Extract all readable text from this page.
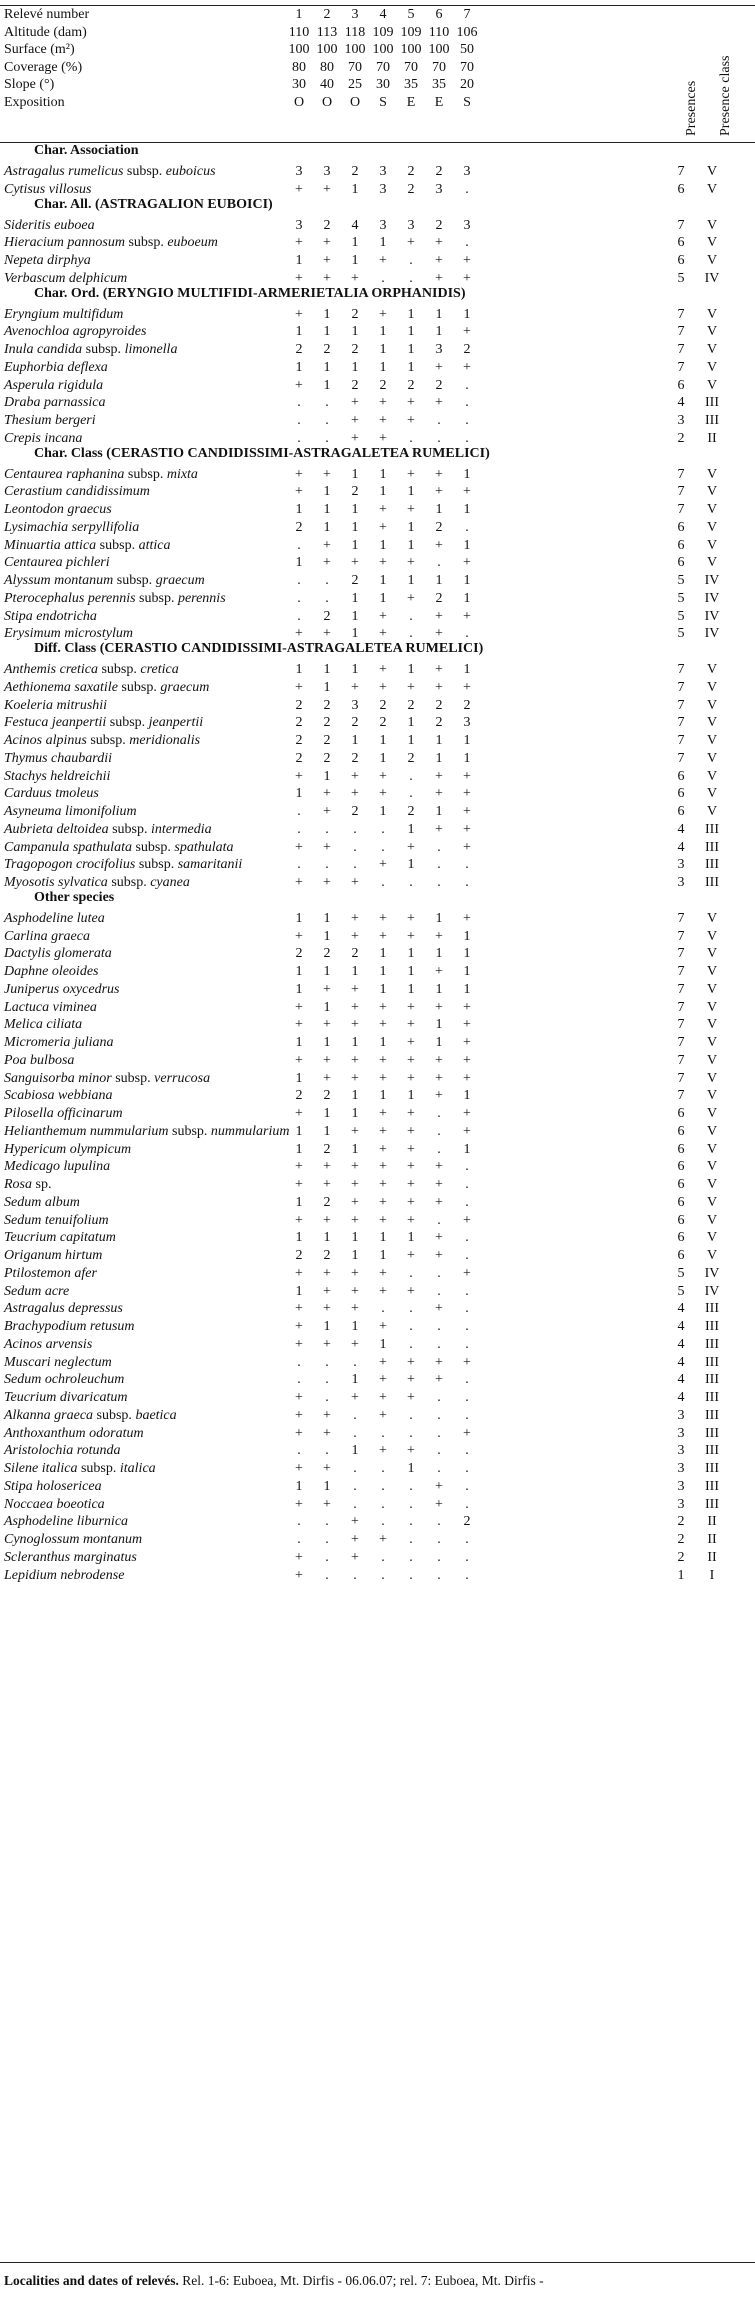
Presences Presence class
Relevé number	1	2	3	4	5	6	7
Altitude (dam)	110 113 118 109 109 110 106
Surface (m²)	100 100 100 100 100 100 50
Coverage (%)	80	80	70	70	70	70	70
Slope (°)	30	40	25	30	35	35	20
Exposition	O	O	O	S	E	E	S
Char. Association
Astragalus rumelicus subsp. euboicus	3	3	2	3	2	2	3	7	V
Cytisus villosus	+	+	1	3	2	3	.	6	V
Char. All. (ASTRAGALION EUBOICI)
Sideritis euboea	3	2	4	3	3	2	3	7	V
Hieracium pannosum subsp. euboeum	+	+	1	1	+	+	.	6	V
Nepeta dirphya	1	+	1	+	.	+	+	6	V
Verbascum delphicum	+	+	+	.	.	+	+	5	IV
Char. Ord. (ERYNGIO MULTIFIDI-ARMERIETALIA ORPHANIDIS)
Eryngium multifidum	+	1	2	+	1	1	1	7	V
Avenochloa agropyroides	1	1	1	1	1	1	+	7	V
Inula candida subsp. limonella	2	2	2	1	1	3	2	7	V
Euphorbia deflexa	1	1	1	1	1	+	+	7	V
Asperula rigidula	+	1	2	2	2	2	.	6	V
Draba parnassica	.	.	+	+	+	+	.	4	III
Thesium bergeri	.	.	+	+	+	.	.	3	III
Crepis incana	.	.	+	+	.	.	.	2	II
Char. Class (CERASTIO CANDIDISSIMI-ASTRAGALETEA RUMELICI)
Centaurea raphanina subsp. mixta	+	+	1	1	+	+	1	7	V
Cerastium candidissimum	+	1	2	1	1	+	+	7	V
Leontodon graecus	1	1	1	+	+	1	1	7	V
Lysimachia serpyllifolia	2	1	1	+	1	2	.	6	V
Minuartia attica subsp. attica	.	+	1	1	1	+	1	6	V
Centaurea pichleri	1	+	+	+	+	.	+	6	V
Alyssum montanum subsp. graecum	.	.	2	1	1	1	1	5	IV
Pterocephalus perennis subsp. perennis	.	.	1	1	+	2	1	5	IV
Stipa endotricha	.	2	1	+	.	+	+	5	IV
Erysimum microstylum	+	+	1	+	.	+	.	5	IV
Diff. Class (CERASTIO CANDIDISSIMI-ASTRAGALETEA RUMELICI)
Anthemis cretica subsp. cretica	1	1	1	+	1	+	1	7	V
Aethionema saxatile subsp. graecum	+	1	+	+	+	+	+	7	V
Koeleria mitrushii	2	2	3	2	2	2	2	7	V
Festuca jeanpertii subsp. jeanpertii	2	2	2	2	1	2	3	7	V
Acinos alpinus subsp. meridionalis	2	2	1	1	1	1	1	7	V
Thymus chaubardii	2	2	2	1	2	1	1	7	V
Stachys heldreichii	+	1	+	+	.	+	+	6	V
Carduus tmoleus	1	+	+	+	.	+	+	6	V
Asyneuma limonifolium	.	+	2	1	2	1	+	6	V
Aubrieta deltoidea subsp. intermedia	.	.	.	.	1	+	+	4	III
Campanula spathulata subsp. spathulata	+	+	.	.	+	.	+	4	III
Tragopogon crocifolius subsp. samaritanii	.	.	.	+	1	.	.	3	III
Myosotis sylvatica subsp. cyanea	+	+	+	.	.	.	.	3	III
Other species
Asphodeline lutea	1	1	+	+	+	1	+	7	V
Carlina graeca	+	1	+	+	+	+	1	7	V
Dactylis glomerata	2	2	2	1	1	1	1	7	V
Daphne oleoides	1	1	1	1	1	+	1	7	V
Juniperus oxycedrus	1	+	+	1	1	1	1	7	V
Lactuca viminea	+	1	+	+	+	+	+	7	V
Melica ciliata	+	+	+	+	+	1	+	7	V
Micromeria juliana	1	1	1	1	+	1	+	7	V
Poa bulbosa	+	+	+	+	+	+	+	7	V
Sanguisorba minor subsp. verrucosa	1	+	+	+	+	+	+	7	V
Scabiosa webbiana	2	2	1	1	1	+	1	7	V
Pilosella officinarum	+	1	1	+	+	.	+	6	V
Helianthemum nummularium subsp. nummularium 1	1	+	+	+	.	+	6	V
Hypericum olympicum	1	2	1	+	+	.	1	6	V
Medicago lupulina	+	+	+	+	+	+	.	6	V
Rosa sp.	+	+	+	+	+	+	.	6	V
Sedum album	1	2	+	+	+	+	.	6	V
Sedum tenuifolium	+	+	+	+	+	.	+	6	V
Teucrium capitatum	1	1	1	1	1	+	.	6	V
Origanum hirtum	2	2	1	1	+	+	.	6	V
Ptilostemon afer	+	+	+	+	.	.	+	5	IV
Sedum acre	1	+	+	+	+	.	.	5	IV
Astragalus depressus	+	+	+	.	.	+	.	4	III
Brachypodium retusum	+	1	1	+	.	.	.	4	III
Acinos arvensis	+	+	+	1	.	.	.	4	III
Muscari neglectum	.	.	.	+	+	+	+	4	III
Sedum ochroleuchum	.	.	1	+	+	+	.	4	III
Teucrium divaricatum	+	.	+	+	+	.	.	4	III
Alkanna graeca subsp. baetica	+	+	.	+	.	.	.	3	III
Anthoxanthum odoratum	+	+	.	.	.	.	+	3	III
Aristolochia rotunda	.	.	1	+	+	.	.	3	III
Silene italica subsp. italica	+	+	.	.	1	.	.	3	III
Stipa holosericea	1	1	.	.	.	+	.	3	III
Noccaea boeotica	+	+	.	.	.	+	.	3	III
Asphodeline liburnica	.	.	+	.	.	.	2	2	II
Cynoglossum montanum	.	.	+	+	.	.	.	2	II
Scleranthus marginatus	+	.	+	.	.	.	.	2	II
Lepidium nebrodense	+	.	.	.	.	.	.	1	I
Localities and dates of relevés. Rel. 1-6: Euboea, Mt. Dirfis - 06.06.07; rel. 7: Euboea, Mt. Dirfis -
